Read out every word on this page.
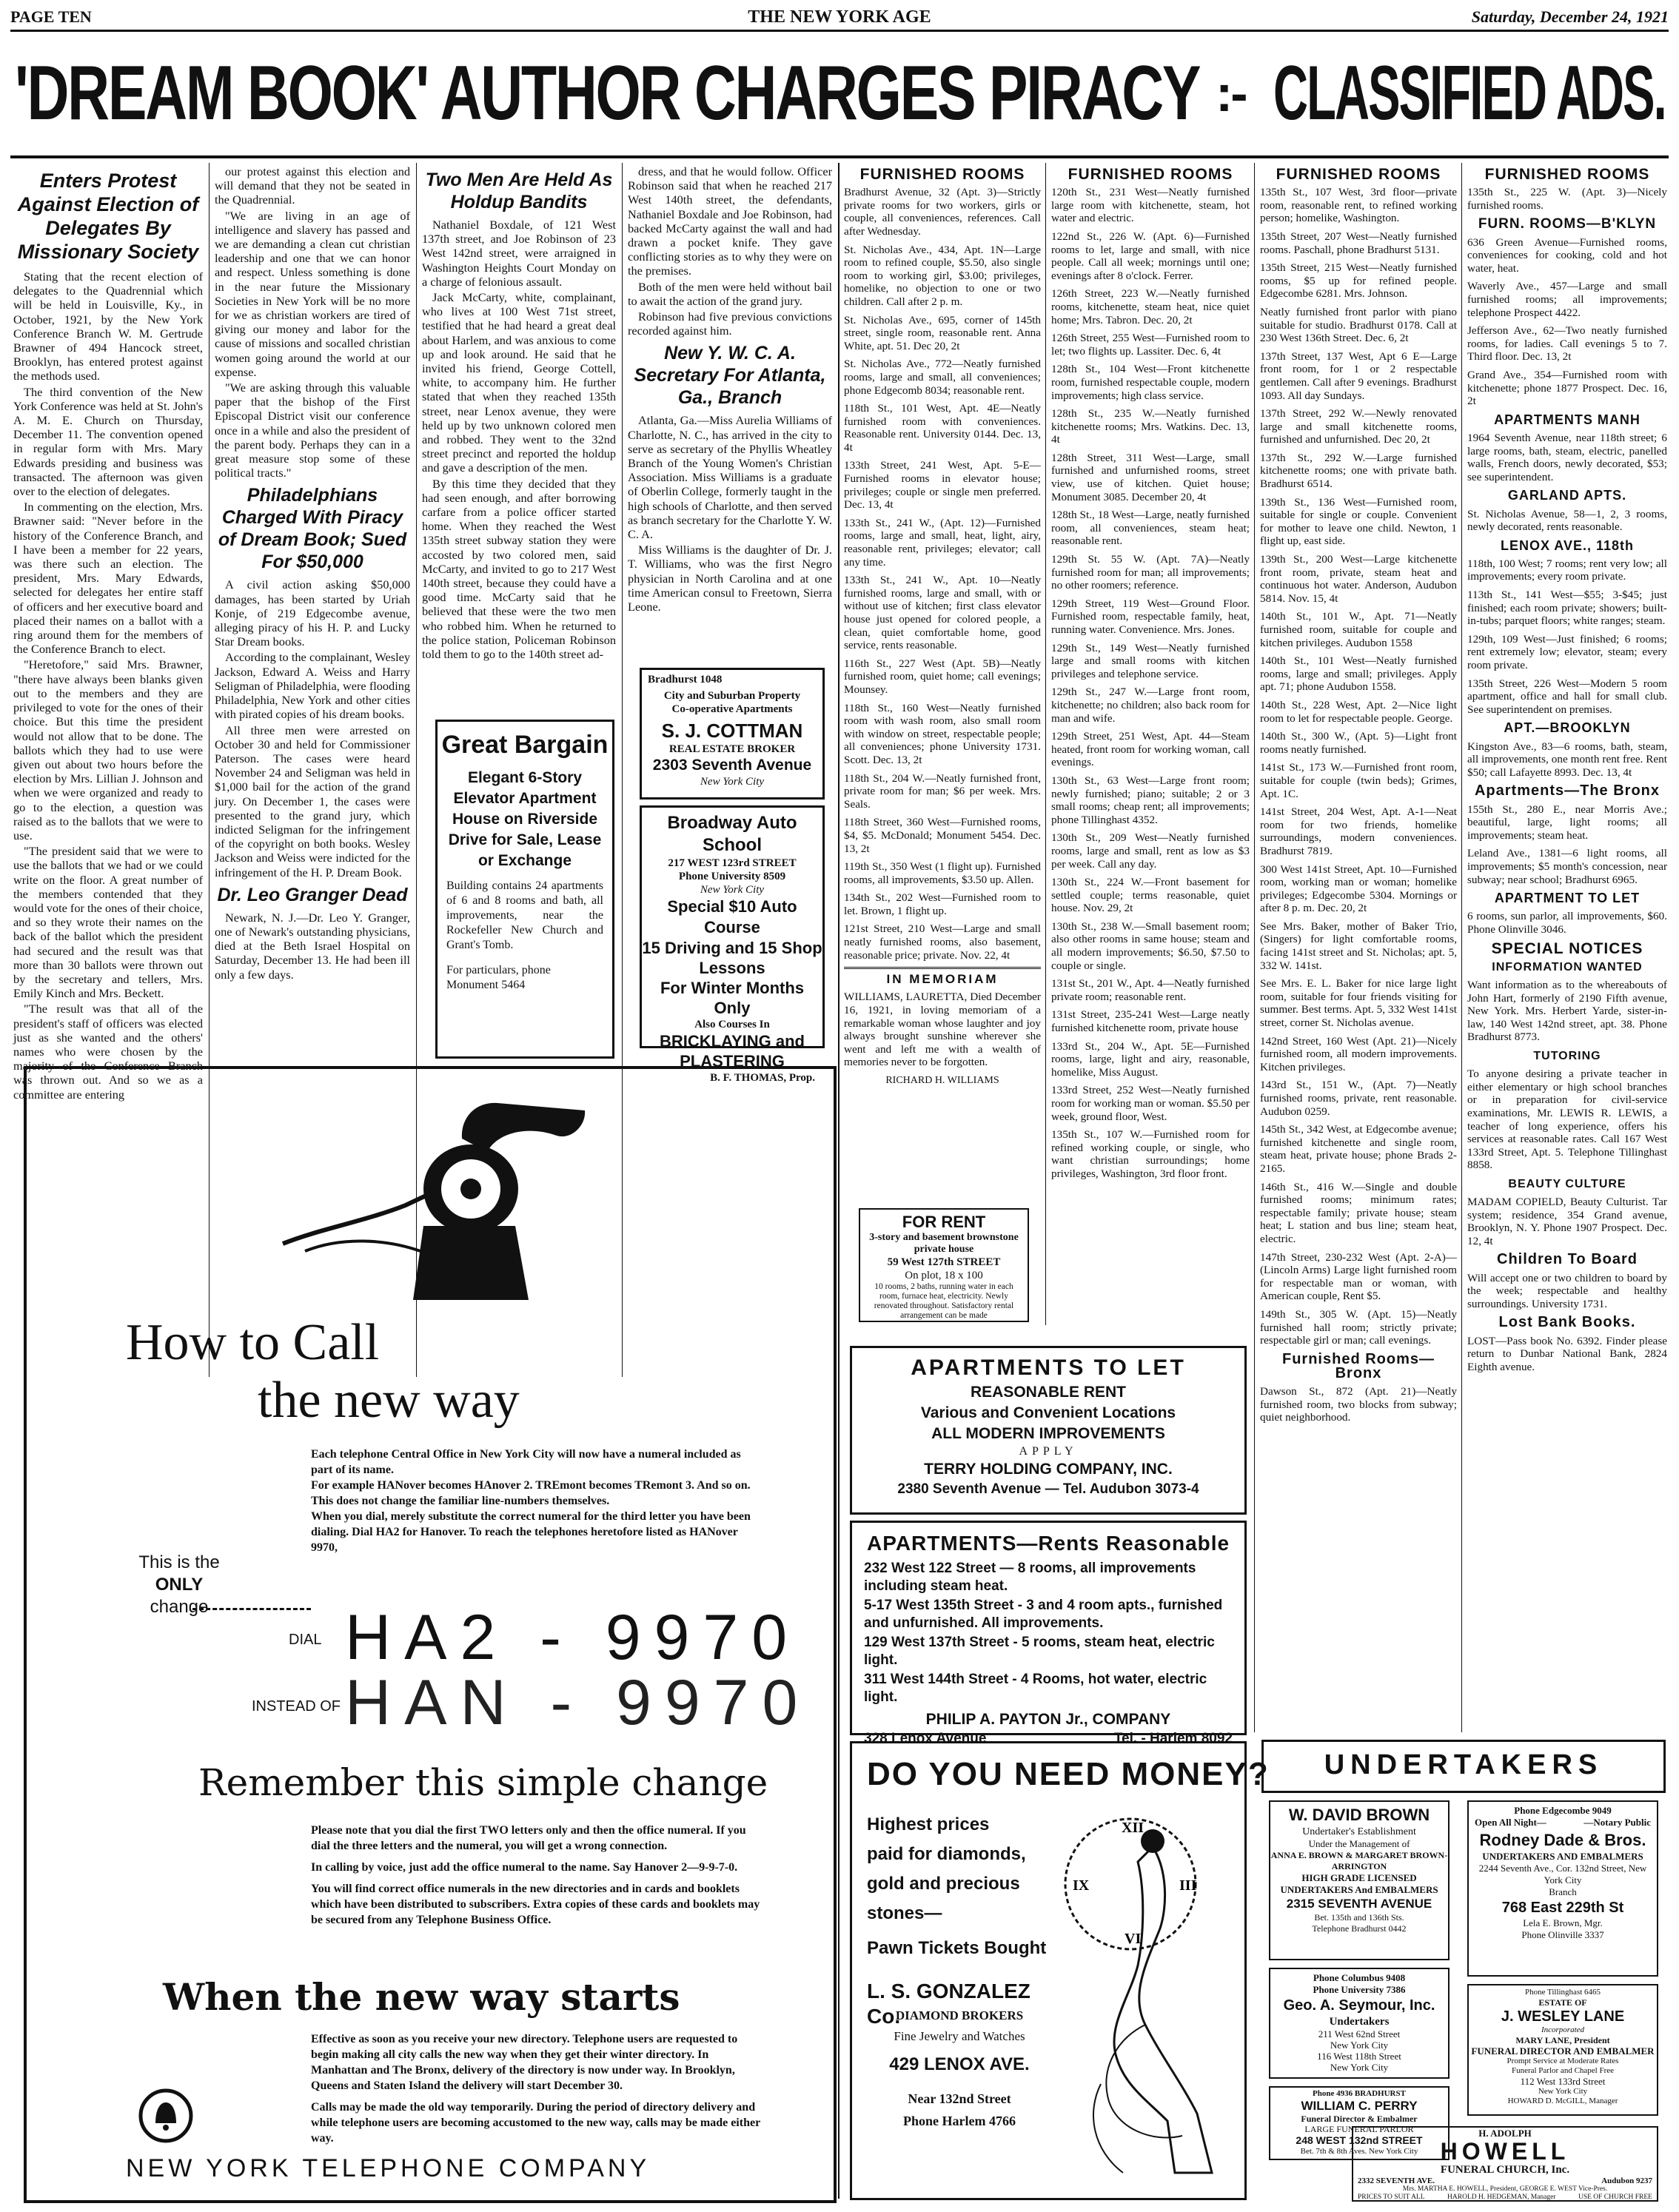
PAGE TEN	THE NEW YORK AGE	Saturday, December 24, 1921
'DREAM BOOK' AUTHOR CHARGES PIRACY :- CLASSIFIED ADS.
Enters Protest Against Election of Delegates By Missionary Society

Stating that the recent election of delegates to the Quadrennial which will be held in Louisville, Ky., in October, 1921, by the New York Conference Branch W. M. Gertrude Brawner of 494 Hancock street, Brooklyn, has entered protest against the methods used.

The third convention of the New York Conference was held at St. John's A. M. E. Church on Thursday, December 11. The convention opened in regular form with Mrs. Mary Edwards presiding and business was transacted. The afternoon was given over to the election of delegates.

In commenting on the election, Mrs. Brawner said: "Never before in the history of the Conference Branch, and I have been a member for 22 years, was there such an election. The president, Mrs. Mary Edwards, selected for delegates her entire staff of officers and her executive board and placed their names on a ballot with a ring around them for the members of the Conference Branch to elect.

"Heretofore," said Mrs. Brawner, "there have always been blanks given out to the members and they are privileged to vote for the ones of their choice. But this time the president would not allow that to be done. The ballots which they had to use were given out about two hours before the election by Mrs. Lillian J. Johnson and when we were organized and ready to go to the election, a question was raised as to the ballots that we were to use.

"The president said that we were to use the ballots that we had or we could write on the floor. A great number of the members contended that they would vote for the ones of their choice, and so they wrote their names on the back of the ballot which the president had secured and the result was that more than 30 ballots were thrown out by the secretary and tellers, Mrs. Emily Kinch and Mrs. Beckett.

"The result was that all of the president's staff of officers was elected just as she wanted and the others' names who were chosen by the majority of the Conference Branch was thrown out. And so we as a committee are entering

our protest against this election and will demand that they not be seated in the Quadrennial.

"We are living in an age of intelligence and slavery has passed and we are demanding a clean cut christian leadership and one that we can honor and respect. Unless something is done in the near future the Missionary Societies in New York will be no more for we as christian workers are tired of giving our money and labor for the cause of missions and socalled christian women going around the world at our expense.

"We are asking through this valuable paper that the bishop of the First Episcopal District visit our conference once in a while and also the president of the parent body. Perhaps they can in a great measure stop some of these political tracts."

Philadelphians Charged With Piracy of Dream Book; Sued For $50,000

A civil action asking $50,000 damages, has been started by Uriah Konje, of 219 Edgecombe avenue, alleging piracy of his H. P. and Lucky Star Dream books.

According to the complainant, Wesley Jackson, Edward A. Weiss and Harry Seligman of Philadelphia, were flooding Philadelphia, New York and other cities with pirated copies of his dream books.

All three men were arrested on October 30 and held for Commissioner Paterson. The cases were heard November 24 and Seligman was held in $1,000 bail for the action of the grand jury. On December 1, the cases were presented to the grand jury, which indicted Seligman for the infringement of the copyright on both books. Wesley Jackson and Weiss were indicted for the infringement of the H. P. Dream Book.

Dr. Leo Granger Dead

Newark, N. J.—Dr. Leo Y. Granger, one of Newark's outstanding physicians, died at the Beth Israel Hospital on Saturday, December 13. He had been ill only a few days.

Two Men Are Held As Holdup Bandits

Nathaniel Boxdale, of 121 West 137th street, and Joe Robinson of 23 West 142nd street, were arraigned in Washington Heights Court Monday on a charge of felonious assault.

Jack McCarty, white, complainant, who lives at 100 West 71st street, testified that he had heard a great deal about Harlem, and was anxious to come up and look around. He said that he invited his friend, George Cottell, white, to accompany him. He further stated that when they reached 135th street, near Lenox avenue, they were held up by two unknown colored men and robbed. They went to the 32nd street precinct and reported the holdup and gave a description of the men.

By this time they decided that they had seen enough, and after borrowing carfare from a police officer started home. When they reached the West 135th street subway station they were accosted by two colored men, said McCarty, and invited to go to 217 West 140th street, because they could have a good time. McCarty said that he believed that these were the two men who robbed him. When he returned to the police station, Policeman Robinson told them to go to the 140th street ad-

Great Bargain
Elegant 6-Story Elevator Apartment House on Riverside Drive for Sale, Lease or Exchange
Building contains 24 apartments of 6 and 8 rooms and bath, all improvements, near the Rockefeller New Church and Grant's Tomb.
For particulars, phone Monument 5464

dress, and that he would follow. Officer Robinson said that when he reached 217 West 140th street, the defendants, Nathaniel Boxdale and Joe Robinson, had backed McCarty against the wall and had drawn a pocket knife. They gave conflicting stories as to why they were on the premises.

Both of the men were held without bail to await the action of the grand jury.

Robinson had five previous convictions recorded against him.

New Y. W. C. A. Secretary For Atlanta, Ga., Branch

Atlanta, Ga.—Miss Aurelia Williams of Charlotte, N. C., has arrived in the city to serve as secretary of the Phyllis Wheatley Branch of the Young Women's Christian Association. Miss Williams is a graduate of Oberlin College, formerly taught in the high schools of Charlotte, and then served as branch secretary for the Charlotte Y. W. C. A.

Miss Williams is the daughter of Dr. J. T. Williams, who was the first Negro physician in North Carolina and at one time American consul to Freetown, Sierra Leone.

Bradhurst 1048
City and Suburban Property
Co-operative Apartments
S. J. COTTMAN
REAL ESTATE BROKER
2303 Seventh Avenue
New York City
Broadway Auto School
217 WEST 123rd STREET
Phone University 8509
New York City
Special $10 Auto Course
15 Driving and 15 Shop
Lessons
For Winter Months Only
Also Courses In
BRICKLAYING and
PLASTERING
B. F. THOMAS, Prop.
How to Call
the new way
Each telephone Central Office in New York City will now have a numeral included as part of its name.
For example HANover becomes HAnover 2. TREmont becomes TRemont 3. And so on.
This does not change the familiar line-numbers themselves.
When you dial, merely substitute the correct numeral for the third letter you have been dialing. Dial HA2 for Hanover. To reach the telephones heretofore listed as HANover 9970,
This is the
ONLY
change
DIAL HA2 - 9970
INSTEAD OF HAN - 9970
Remember this simple change
Please note that you dial the first TWO letters only and then the office numeral. If you dial the three letters and the numeral, you will get a wrong connection.
In calling by voice, just add the office numeral to the name. Say Hanover 2—9-9-7-0.
You will find correct office numerals in the new directories and in cards and booklets which have been distributed to subscribers. Extra copies of these cards and booklets may be secured from any Telephone Business Office.
When the new way starts
Effective as soon as you receive your new directory. Telephone users are requested to begin making all city calls the new way when they get their winter directory. In Manhattan and The Bronx, delivery of the directory is now under way. In Brooklyn, Queens and Staten Island the delivery will start December 30.
Calls may be made the old way temporarily. During the period of directory delivery and while telephone users are becoming accustomed to the new way, calls may be made either way.
NEW YORK TELEPHONE COMPANY
FURNISHED ROOMS
Bradhurst Avenue, 32 (Apt. 3)—Strictly private rooms for two workers, girls or couple, all conveniences, references. Call after Wednesday.
St. Nicholas Ave., 434, Apt. 1N—Large room to refined couple, $5.50, also single room to working girl, $3.00; privileges, homelike, no objection to one or two children. Call after 2 p. m.
St. Nicholas Ave., 695, corner of 145th street, single room, reasonable rent. Anna White, apt. 51. Dec 20, 2t
St. Nicholas Ave., 772—Neatly furnished rooms, large and small, all conveniences; phone Edgecomb 8034; reasonable rent.
118th St., 101 West, Apt. 4E—Neatly furnished room with conveniences. Reasonable rent. University 0144. Dec. 13, 4t
133th Street, 241 West, Apt. 5-E—Furnished rooms in elevator house; privileges; couple or single men preferred. Dec. 13, 4t
133th St., 241 W., (Apt. 12)—Furnished rooms, large and small, heat, light, airy, reasonable rent, privileges; elevator; call any time.
133th St., 241 W., Apt. 10—Neatly furnished rooms, large and small, with or without use of kitchen; first class elevator house just opened for colored people, a clean, quiet comfortable home, good service, rents reasonable.
116th St., 227 West (Apt. 5B)—Neatly furnished room, quiet home; call evenings; Mounsey.
118th St., 160 West—Neatly furnished room with wash room, also small room with window on street, respectable people; all conveniences; phone University 1731. Scott. Dec. 13, 2t
118th St., 204 W.—Neatly furnished front, private room for man; $6 per week. Mrs. Seals.
118th Street, 360 West—Furnished rooms, $4, $5. McDonald; Monument 5454. Dec. 13, 2t
119th St., 350 West (1 flight up). Furnished rooms, all improvements, $3.50 up. Allen.
134th St., 202 West—Furnished room to let. Brown, 1 flight up.
121st Street, 210 West—Large and small neatly furnished rooms, also basement, reasonable price; private. Nov. 22, 4t
IN MEMORIAM
WILLIAMS, LAURETTA, Died December 16, 1921, in loving memoriam of a remarkable woman whose laughter and joy always brought sunshine wherever she went and left me with a wealth of memories never to be forgotten.
RICHARD H. WILLIAMS
FOR RENT
3-story and basement brownstone private house
59 West 127th STREET
On plot, 18 x 100
10 rooms, 2 baths, running water in each room, furnace heat, electricity. Newly renovated throughout. Satisfactory rental arrangement can be made
FURNISHED ROOMS
120th St., 231 West—Neatly furnished large room with kitchenette, steam, hot water and electric.
122nd St., 226 W. (Apt. 6)—Furnished rooms to let, large and small, with nice people. Call all week; mornings until one; evenings after 8 o'clock. Ferrer.
126th Street, 223 W.—Neatly furnished rooms, kitchenette, steam heat, nice quiet home; Mrs. Tabron. Dec. 20, 2t
126th Street, 255 West—Furnished room to let; two flights up. Lassiter. Dec. 6, 4t
128th St., 104 West—Front kitchenette room, furnished respectable couple, modern improvements; high class service.
128th St., 235 W.—Neatly furnished kitchenette rooms; Mrs. Watkins. Dec. 13, 4t
128th Street, 311 West—Large, small furnished and unfurnished rooms, street view, use of kitchen. Quiet house; Monument 3085. December 20, 4t
128th St., 18 West—Large, neatly furnished room, all conveniences, steam heat; reasonable rent.
129th St. 55 W. (Apt. 7A)—Neatly furnished room for man; all improvements; no other roomers; reference.
129th Street, 119 West—Ground Floor. Furnished room, respectable family, heat, running water. Convenience. Mrs. Jones.
129th St., 149 West—Neatly furnished large and small rooms with kitchen privileges and telephone service.
129th St., 247 W.—Large front room, kitchenette; no children; also back room for man and wife.
129th Street, 251 West, Apt. 44—Steam heated, front room for working woman, call evenings.
130th St., 63 West—Large front room; newly furnished; piano; suitable; 2 or 3 small rooms; cheap rent; all improvements; phone Tillinghast 4352.
130th St., 209 West—Neatly furnished rooms, large and small, rent as low as $3 per week. Call any day.
130th St., 224 W.—Front basement for settled couple; terms reasonable, quiet house. Nov. 29, 2t
130th St., 238 W.—Small basement room; also other rooms in same house; steam and all modern improvements; $6.50, $7.50 to couple or single.
131st St., 201 W., Apt. 4—Neatly furnished private room; reasonable rent.
131st Street, 235-241 West—Large neatly furnished kitchenette room, private house
133rd St., 204 W., Apt. 5E—Furnished rooms, large, light and airy, reasonable, homelike, Miss August.
133rd Street, 252 West—Neatly furnished room for working man or woman. $5.50 per week, ground floor, West.
135th St., 107 W.—Furnished room for refined working couple, or single, who want christian surroundings; home privileges, Washington, 3rd floor front.
FURNISHED ROOMS
135th St., 107 West, 3rd floor—private room, reasonable rent, to refined working person; homelike, Washington.
135th Street, 207 West—Neatly furnished rooms. Paschall, phone Bradhurst 5131.
135th Street, 215 West—Neatly furnished rooms, $5 up for refined people. Edgecombe 6281. Mrs. Johnson.
Neatly furnished front parlor with piano suitable for studio. Bradhurst 0178. Call at 230 West 136th Street. Dec. 6, 2t
137th Street, 137 West, Apt 6 E—Large front room, for 1 or 2 respectable gentlemen. Call after 9 evenings. Bradhurst 1093. All day Sundays.
137th Street, 292 W.—Newly renovated large and small kitchenette rooms, furnished and unfurnished. Dec 20, 2t
137th St., 292 W.—Large furnished kitchenette rooms; one with private bath. Bradhurst 6514.
139th St., 136 West—Furnished room, suitable for single or couple. Convenient for mother to leave one child. Newton, 1 flight up, east side.
139th St., 200 West—Large kitchenette front room, private, steam heat and continuous hot water. Anderson, Audubon 5814. Nov. 15, 4t
140th St., 101 W., Apt. 71—Neatly furnished room, suitable for couple and kitchen privileges. Audubon 1558
140th St., 101 West—Neatly furnished rooms, large and small; privileges. Apply apt. 71; phone Audubon 1558.
140th St., 228 West, Apt. 2—Nice light room to let for respectable people. George.
140th St., 300 W., (Apt. 5)—Light front rooms neatly furnished.
141st St., 173 W.—Furnished front room, suitable for couple (twin beds); Grimes, Apt. 1C.
141st Street, 204 West, Apt. A-1—Neat room for two friends, homelike surroundings, modern conveniences. Bradhurst 7819.
300 West 141st Street, Apt. 10—Furnished room, working man or woman; homelike privileges; Edgecombe 5304. Mornings or after 8 p. m. Dec. 20, 2t
See Mrs. Baker, mother of Baker Trio, (Singers) for light comfortable rooms, facing 141st street and St. Nicholas; apt. 5, 332 W. 141st.
See Mrs. E. L. Baker for nice large light room, suitable for four friends visiting for summer. Best terms. Apt. 5, 332 West 141st street, corner St. Nicholas avenue.
142nd Street, 160 West (Apt. 21)—Nicely furnished room, all modern improvements. Kitchen privileges.
143rd St., 151 W., (Apt. 7)—Neatly furnished rooms, private, rent reasonable. Audubon 0259.
145th St., 342 West, at Edgecombe avenue; furnished kitchenette and single room, steam heat, private house; phone Brads 2-2165.
146th St., 416 W.—Single and double furnished rooms; minimum rates; respectable family; private house; steam heat; L station and bus line; steam heat, electric.
147th Street, 230-232 West (Apt. 2-A)—(Lincoln Arms) Large light furnished room for respectable man or woman, with American couple, Rent $5.
149th St., 305 W. (Apt. 15)—Neatly furnished hall room; strictly private; respectable girl or man; call evenings.
Furnished Rooms—Bronx
Dawson St., 872 (Apt. 21)—Neatly furnished room, two blocks from subway; quiet neighborhood.
FURNISHED ROOMS
135th St., 225 W. (Apt. 3)—Nicely furnished rooms.
FURN. ROOMS—B'KLYN
636 Green Avenue—Furnished rooms, conveniences for cooking, cold and hot water, heat.
Waverly Ave., 457—Large and small furnished rooms; all improvements; telephone Prospect 4422.
Jefferson Ave., 62—Two neatly furnished rooms, for ladies. Call evenings 5 to 7. Third floor. Dec. 13, 2t
Grand Ave., 354—Furnished room with kitchenette; phone 1877 Prospect. Dec. 16, 2t
APARTMENTS MANH
1964 Seventh Avenue, near 118th street; 6 large rooms, bath, steam, electric, panelled walls, French doors, newly decorated, $53; see superintendent.
GARLAND APTS.
St. Nicholas Avenue, 58—1, 2, 3 rooms, newly decorated, rents reasonable.
LENOX AVE., 118th
118th, 100 West; 7 rooms; rent very low; all improvements; every room private.
113th St., 141 West—$55; 3-$45; just finished; each room private; showers; built-in-tubs; parquet floors; white ranges; steam.
129th, 109 West—Just finished; 6 rooms; rent extremely low; elevator, steam; every room private.
135th Street, 226 West—Modern 5 room apartment, office and hall for small club. See superintendent on premises.
APT.—BROOKLYN
Kingston Ave., 83—6 rooms, bath, steam, all improvements, one month rent free. Rent $50; call Lafayette 8993. Dec. 13, 4t
Apartments—The Bronx
155th St., 280 E., near Morris Ave.; beautiful, large, light rooms; all improvements; steam heat.
Leland Ave., 1381—6 light rooms, all improvements; $5 month's concession, near subway; near school; Bradhurst 6965.
APARTMENT TO LET
6 rooms, sun parlor, all improvements, $60. Phone Olinville 3046.
SPECIAL NOTICES
INFORMATION WANTED
Want information as to the whereabouts of John Hart, formerly of 2190 Fifth avenue, New York. Mrs. Herbert Yarde, sister-in-law, 140 West 142nd street, apt. 38. Phone Bradhurst 8773.
TUTORING
To anyone desiring a private teacher in either elementary or high school branches or in preparation for civil-service examinations, Mr. LEWIS R. LEWIS, a teacher of long experience, offers his services at reasonable rates. Call 167 West 133rd Street, Apt. 5. Telephone Tillinghast 8858.
BEAUTY CULTURE
MADAM COPIELD, Beauty Culturist. Tar system; residence, 354 Grand avenue, Brooklyn, N. Y. Phone 1907 Prospect. Dec. 12, 4t
Children To Board
Will accept one or two children to board by the week; respectable and healthy surroundings. University 1731.
Lost Bank Books.
LOST—Pass book No. 6392. Finder please return to Dunbar National Bank, 2824 Eighth avenue.
APARTMENTS TO LET
REASONABLE RENT
Various and Convenient Locations
ALL MODERN IMPROVEMENTS
APPLY
TERRY HOLDING COMPANY, INC.
2380 Seventh Avenue — Tel. Audubon 3073-4
APARTMENTS—Rents Reasonable
232 West 122 Street — 8 rooms, all improvements including steam heat.
5-17 West 135th Street - 3 and 4 room apts., furnished and unfurnished. All improvements.
129 West 137th Street - 5 rooms, steam heat, electric light.
311 West 144th Street - 4 Rooms, hot water, electric light.
PHILIP A. PAYTON Jr., COMPANY
328 Lenox Avenue	Tel. - Harlem 8092
DO YOU NEED MONEY?
Highest prices paid for diamonds, gold and precious stones—
Pawn Tickets Bought
L. S. GONZALEZ Co.
DIAMOND BROKERS
Fine Jewelry and Watches
429 LENOX AVE.
Near 132nd Street
Phone Harlem 4766
XII
III
IX
VI
UNDERTAKERS
W. DAVID BROWN
Undertaker's Establishment
Under the Management of
ANNA E. BROWN & MARGARET BROWN-ARRINGTON
HIGH GRADE LICENSED
UNDERTAKERS And EMBALMERS
2315 SEVENTH AVENUE
Bet. 135th and 136th Sts.
Telephone Bradhurst 0442
Phone Columbus 9408
Phone University 7386
Geo. A. Seymour, Inc.
Undertakers
211 West 62nd Street
New York City
116 West 118th Street
New York City
Phone 4936 BRADHURST
WILLIAM C. PERRY
Funeral Director & Embalmer
LARGE FUNERAL PARLOR
248 WEST 132nd STREET
Bet. 7th & 8th Aves. New York City
Phone Edgecombe 9049
Open All Night—	—Notary Public
Rodney Dade & Bros.
UNDERTAKERS AND EMBALMERS
2244 Seventh Ave., Cor. 132nd Street, New York City
Branch
768 East 229th St
Lela E. Brown, Mgr.
Phone Olinville 3337
Phone Tillinghast 6465
ESTATE OF
J. WESLEY LANE
Incorporated
MARY LANE, President
FUNERAL DIRECTOR AND EMBALMER
Prompt Service at Moderate Rates
Funeral Parlor and Chapel Free
112 West 133rd Street
New York City
HOWARD D. McGILL, Manager
H. ADOLPH
HOWELL
FUNERAL CHURCH, Inc.
2332 SEVENTH AVE.	Audubon 9237
Mrs. MARTHA E. HOWELL, President, GEORGE E. WEST Vice-Pres.
PRICES TO SUIT ALL	HAROLD H. HEDGEMAN, Manager	USE OF CHURCH FREE
